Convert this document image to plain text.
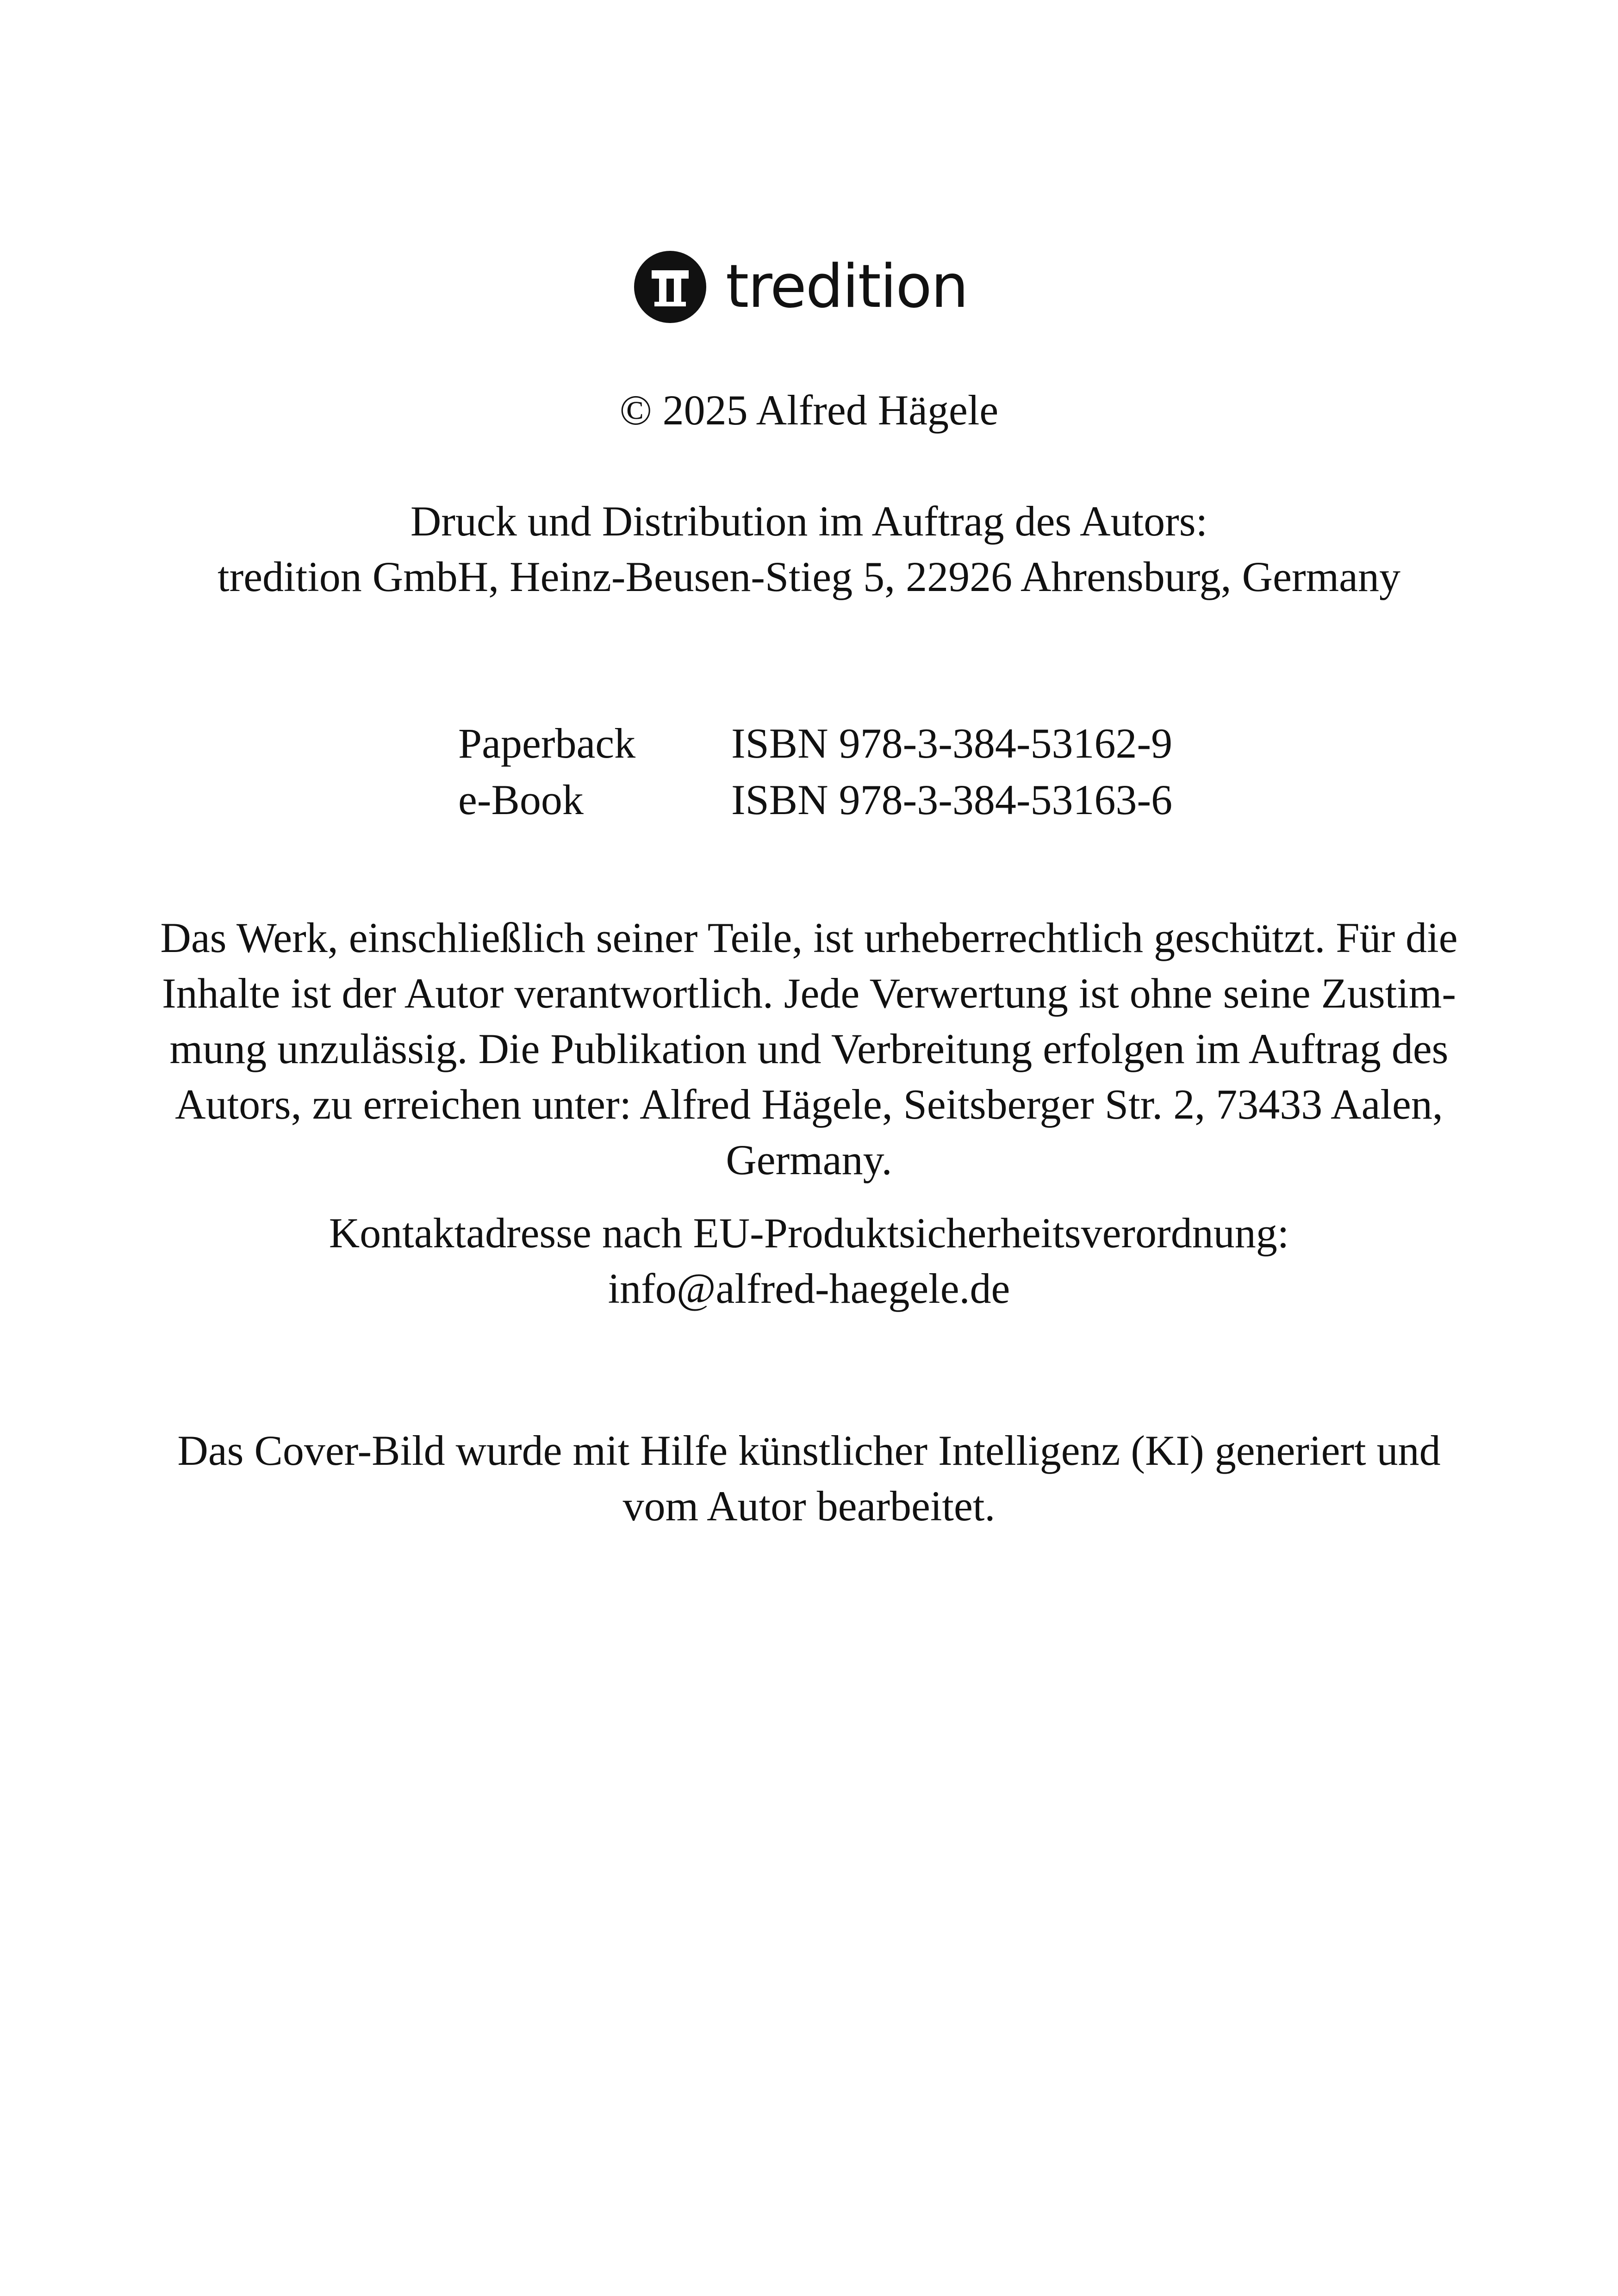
tredition
© 2025 Alfred Hägele
Druck und Distribution im Auftrag des Autors:
tredition GmbH, Heinz-Beusen-Stieg 5, 22926 Ahrensburg, Germany
Paperback ISBN 978-3-384-53162-9
e-Book	ISBN 978-3-384-53163-6
Das Werk, einschließlich seiner Teile, ist urheberrechtlich geschützt. Für die
Inhalte ist der Autor verantwortlich. Jede Verwertung ist ohne seine Zustim-
mung unzulässig. Die Publikation und Verbreitung erfolgen im Auftrag des
Autors, zu erreichen unter: Alfred Hägele, Seitsberger Str. 2, 73433 Aalen,
Germany.
Kontaktadresse nach EU-Produktsicherheitsverordnung:
info@alfred-haegele.de
Das Cover-Bild wurde mit Hilfe künstlicher Intelligenz (KI) generiert und
vom Autor bearbeitet.
